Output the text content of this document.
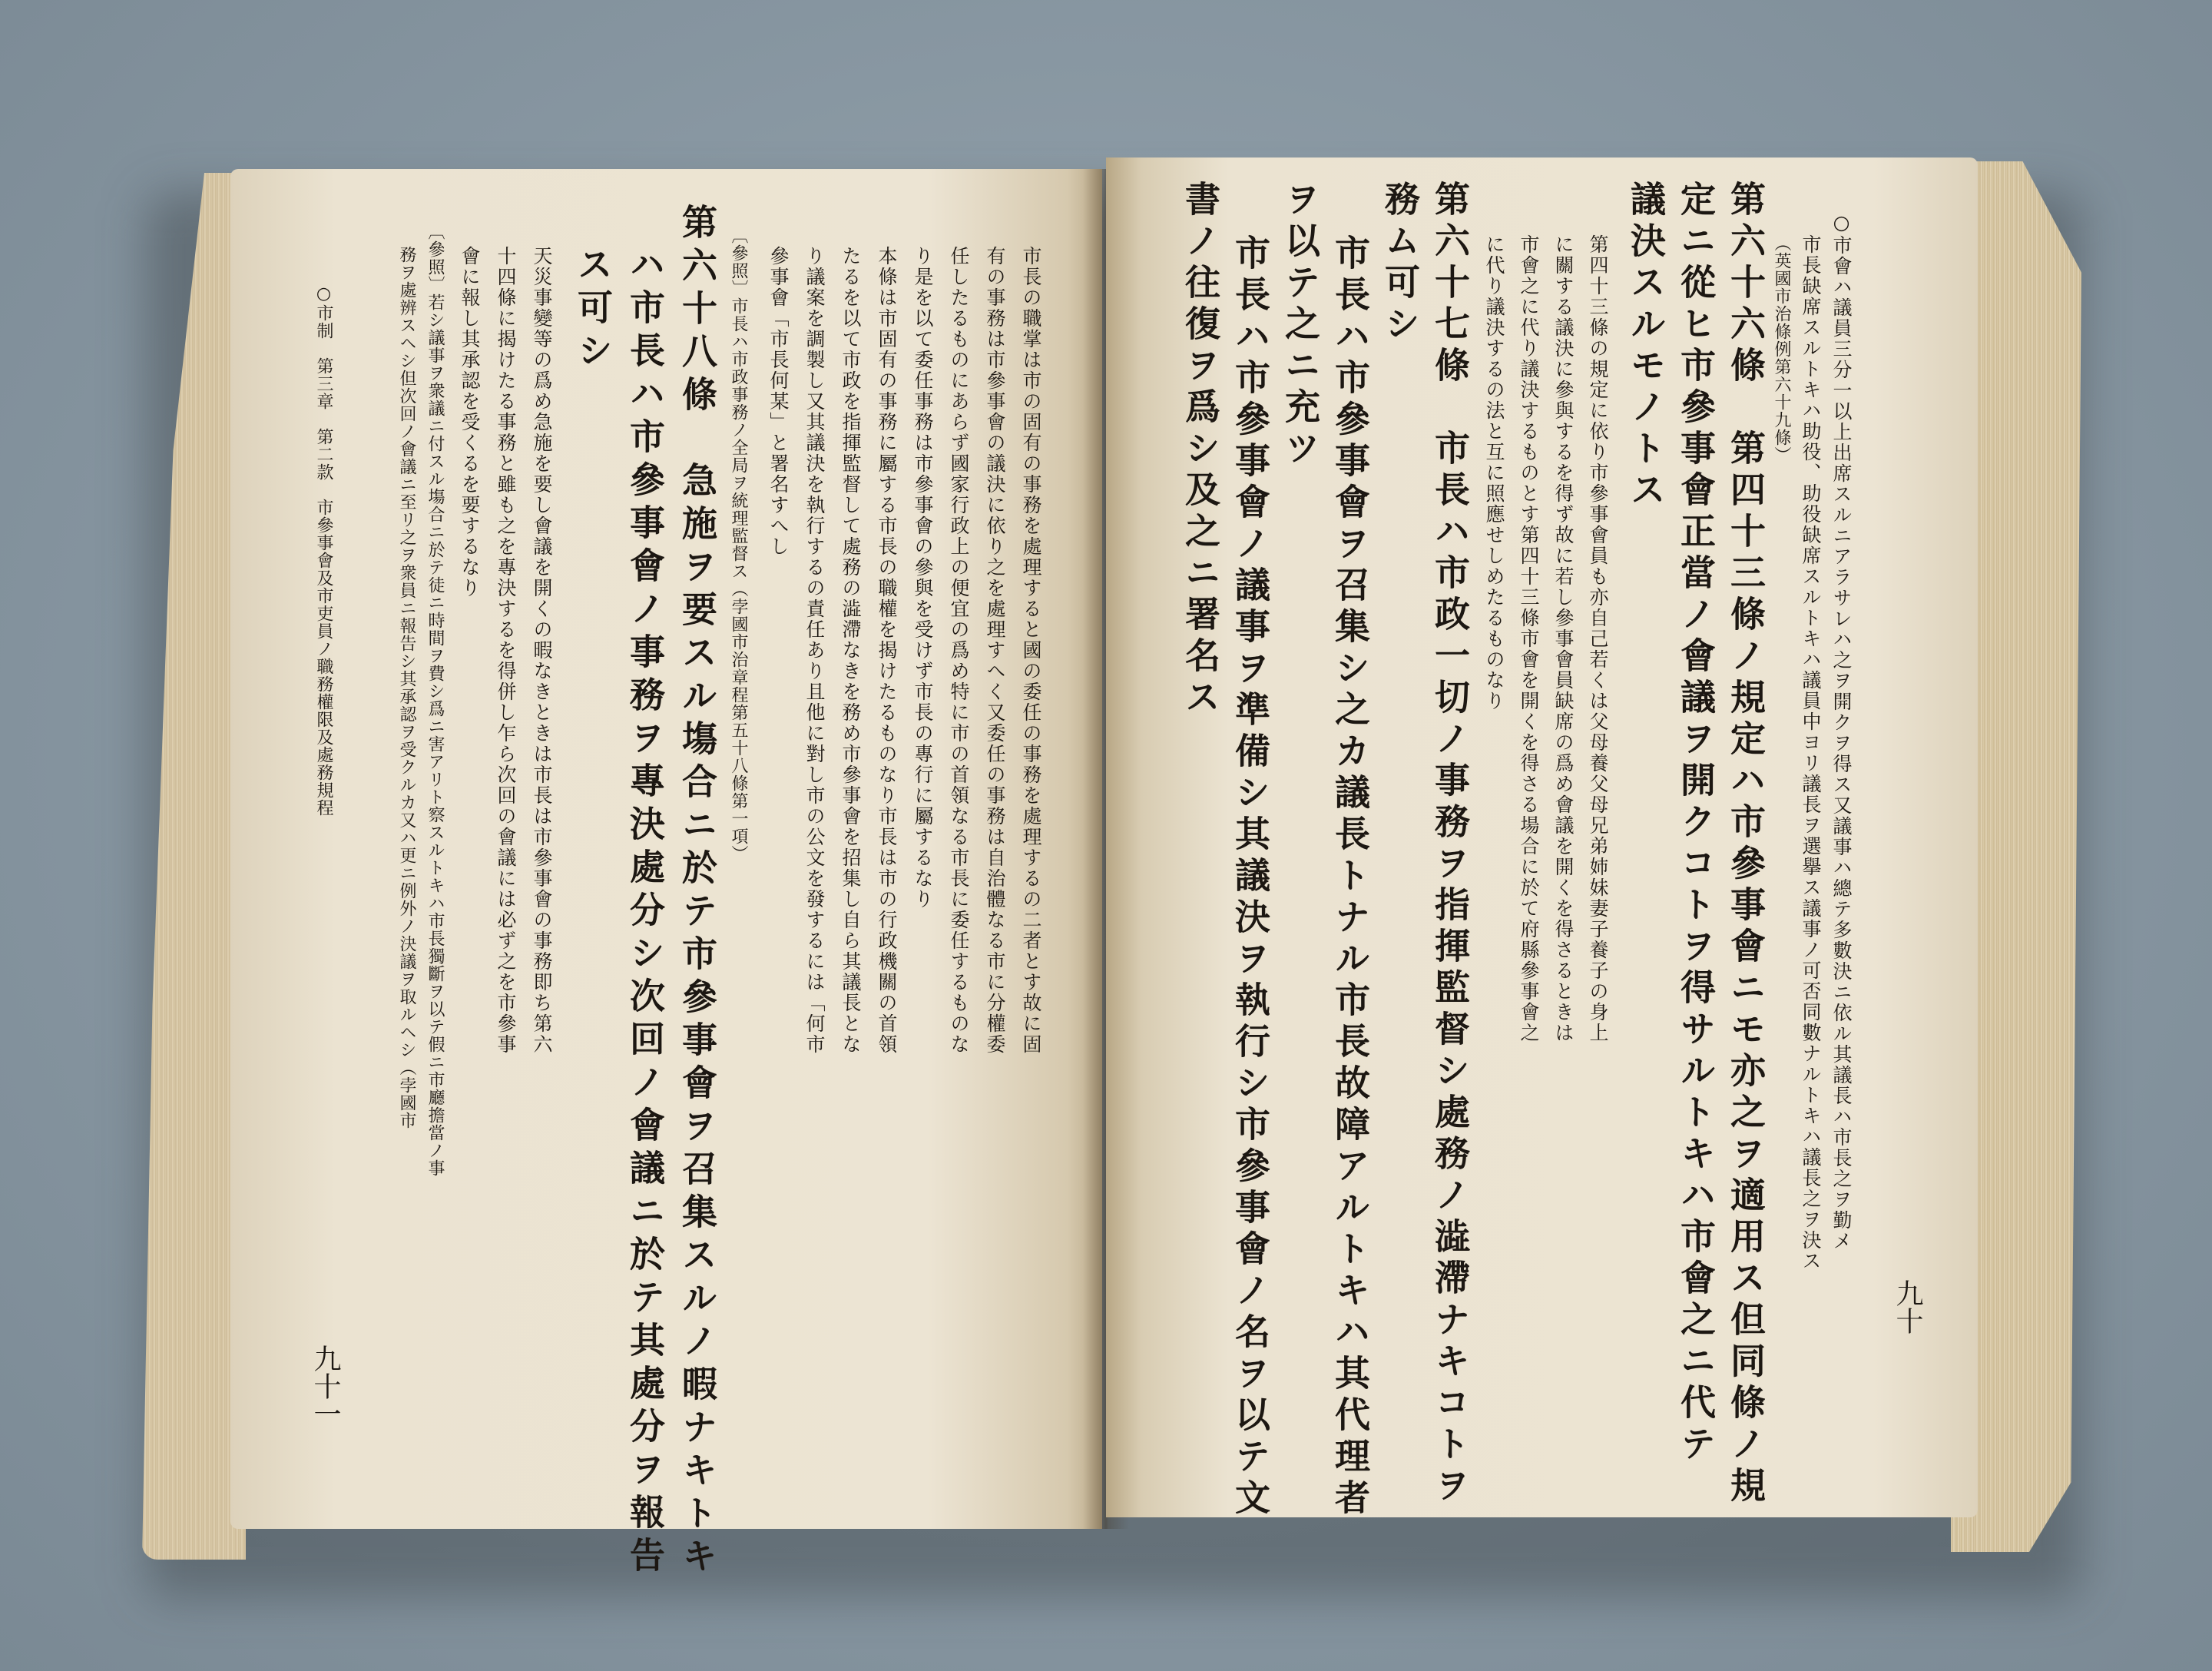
市長の職掌は市の固有の事務を處理すると國の委任の事務を處理するの二者とす故に固
有の事務は市參事會の議決に依り之を處理すへく又委任の事務は自治體なる市に分權委
任したるものにあらず國家行政上の便宜の爲め特に市の首領なる市長に委任するものな
り是を以て委任事務は市參事會の參與を受けず市長の專行に屬するなり
本條は市固有の事務に屬する市長の職權を揭けたるものなり市長は市の行政機關の首領
たるを以て市政を指揮監督して處務の澁滯なきを務め市參事會を招集し自ら其議長とな
り議案を調製し又其議決を執行するの責任あり且他に對し市の公文を發するには「何市
參事會「市長何某」と署名すへし
〔參照〕市長ハ市政事務ノ全局ヲ統理監督ス（孛國市治章程第五十八條第一項）
第六十八條　急施ヲ要スル塲合ニ於テ市參事會ヲ召集スルノ暇ナキトキ
ハ市長ハ市參事會ノ事務ヲ專決處分シ次回ノ會議ニ於テ其處分ヲ報告
ス可シ
天災事變等の爲め急施を要し會議を開くの暇なきときは市長は市參事會の事務即ち第六
十四條に揭けたる事務と雖も之を專決するを得併し乍ら次回の會議には必ず之を市參事
會に報し其承認を受くるを要するなり
〔參照〕若シ議事ヲ衆議ニ付スル塲合ニ於テ徒ニ時間ヲ費シ爲ニ害アリト察スルトキハ市長獨斷ヲ以テ假ニ市廳擔當ノ事
務ヲ處辨スヘシ但次回ノ會議ニ至リ之ヲ衆員ニ報告シ其承認ヲ受クルカ又ハ更ニ例外ノ決議ヲ取ルヘシ（孛國市
○市制　第三章　第二款　市參事會及市吏員ノ職務權限及處務規程
九十一
九十
○市會ハ議員三分一以上出席スルニアラサレハ之ヲ開クヲ得ス又議事ハ總テ多數決ニ依ル其議長ハ市長之ヲ勤メ
市長缺席スルトキハ助役、助役缺席スルトキハ議員中ヨリ議長ヲ選擧ス議事ノ可否同數ナルトキハ議長之ヲ決ス
（英國市治條例第六十九條）
第六十六條　第四十三條ノ規定ハ市參事會ニモ亦之ヲ適用ス但同條ノ規
定ニ從ヒ市參事會正當ノ會議ヲ開クコトヲ得サルトキハ市會之ニ代テ
議決スルモノトス
第四十三條の規定に依り市參事會員も亦自己若くは父母養父母兄弟姉妹妻子養子の身上
に關する議決に參與するを得ず故に若し參事會員缺席の爲め會議を開くを得さるときは
市會之に代り議決するものとす第四十三條市會を開くを得さる場合に於て府縣參事會之
に代り議決するの法と互に照應せしめたるものなり
第六十七條　市長ハ市政一切ノ事務ヲ指揮監督シ處務ノ澁滯ナキコトヲ
務ム可シ
市長ハ市參事會ヲ召集シ之カ議長トナル市長故障アルトキハ其代理者
ヲ以テ之ニ充ツ
市長ハ市參事會ノ議事ヲ準備シ其議決ヲ執行シ市參事會ノ名ヲ以テ文
書ノ往復ヲ爲シ及之ニ署名ス
